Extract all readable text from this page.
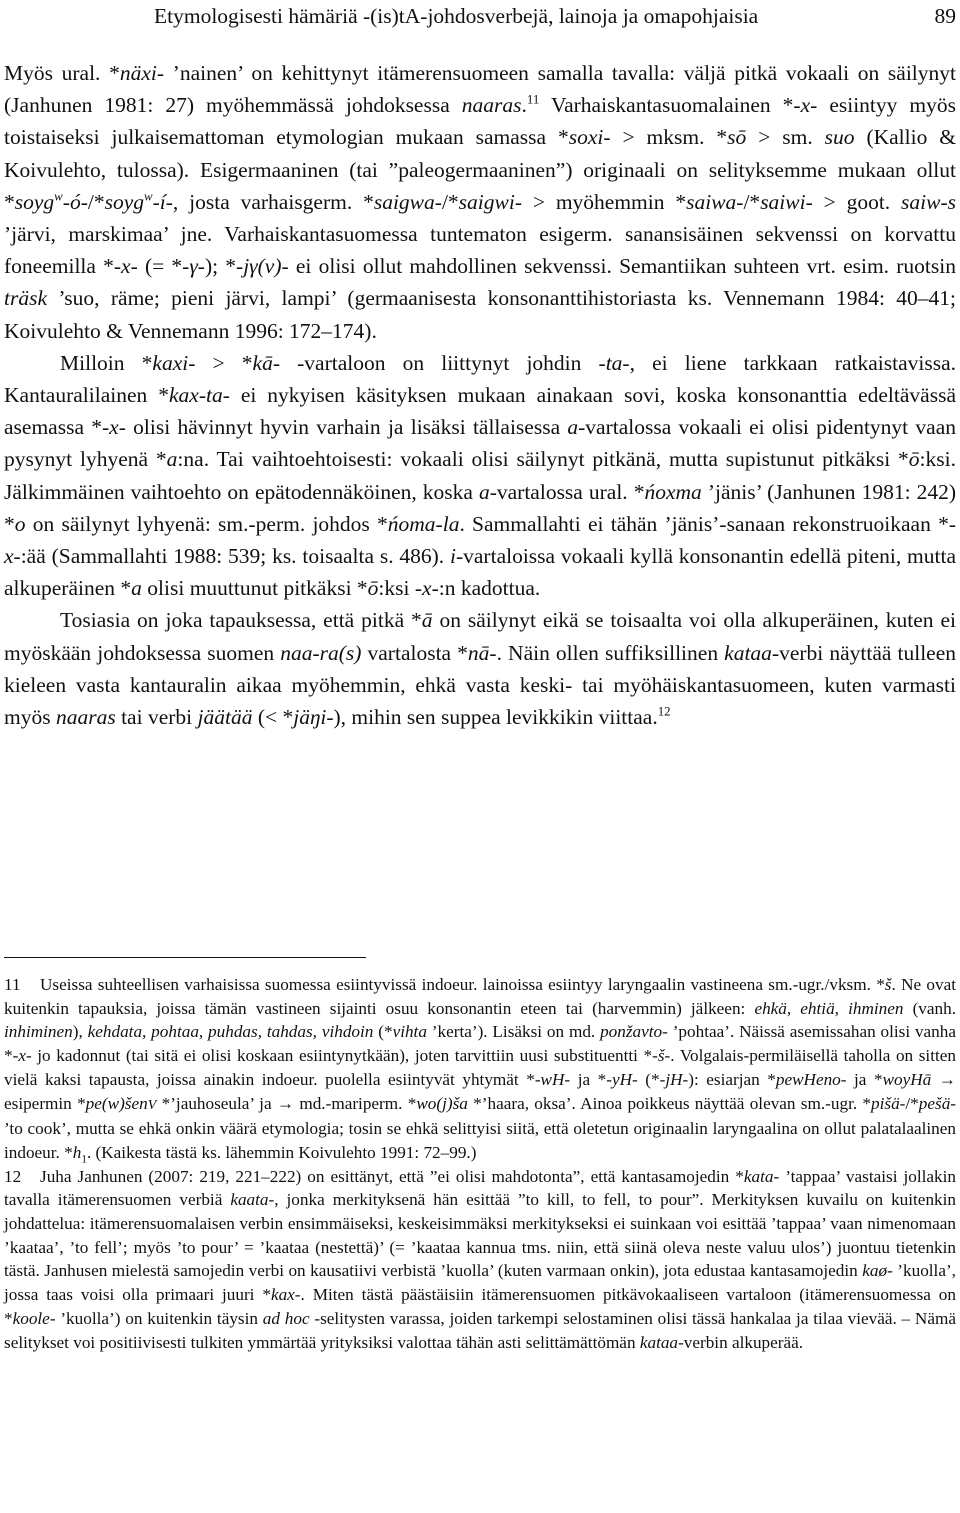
Etymologisesti hämäriä -(is)tA-johdosverbejä, lainoja ja omapohjaisia	89

Myös ural. *näxi- ’nainen’ on kehittynyt itämerensuomeen samalla tavalla: väljä pitkä vokaali on säilynyt (Janhunen 1981: 27) myöhemmässä johdoksessa naaras.$^{11}$ Varhaiskantasuomalainen *-x- esiintyy myös toistaiseksi julkaisemattoman etymologian mukaan samassa *soxi- > mksm. *sō > sm. suo (Kallio & Koivulehto, tulossa). Esigermaaninen (tai ”paleogermaaninen”) originaali on selityksemme mukaan ollut *soyg$^w$-ó-/*soyg$^w$-í-, josta varhaisgerm. *saigwa-/*saigwi- > myöhemmin *saiwa-/*saiwi- > goot. saiw-s ’järvi, marskimaa’ jne. Varhaiskantasuomessa tuntematon esigerm. sanansisäinen sekvenssi on korvattu foneemilla *-x- (= *-γ-); *-jγ(v)- ei olisi ollut mahdollinen sekvenssi. Semantiikan suhteen vrt. esim. ruotsin träsk ’suo, räme; pieni järvi, lampi’ (germaanisesta konsonanttihistoriasta ks. Vennemann 1984: 40–41; Koivulehto & Vennemann 1996: 172–174).

Milloin *kaxi- > *kā- -vartaloon on liittynyt johdin -ta-, ei liene tarkkaan ratkaistavissa. Kantauralilainen *kax-ta- ei nykyisen käsityksen mukaan ainakaan sovi, koska konsonanttia edeltävässä asemassa *-x- olisi hävinnyt hyvin varhain ja lisäksi tällaisessa a-vartalossa vokaali ei olisi pidentynyt vaan pysynyt lyhyenä *a:na. Tai vaihtoehtoisesti: vokaali olisi säilynyt pitkänä, mutta supistunut pitkäksi *ō:ksi. Jälkimmäinen vaihtoehto on epätodennäköinen, koska a-vartalossa ural. *ńoxma ’jänis’ (Janhunen 1981: 242) *o on säilynyt lyhyenä: sm.-perm. johdos *ńoma-la. Sammallahti ei tähän ’jänis’-sanaan rekonstruoikaan *-x-:ää (Sammallahti 1988: 539; ks. toisaalta s. 486). i-vartaloissa vokaali kyllä konsonantin edellä piteni, mutta alkuperäinen *a olisi muuttunut pitkäksi *ō:ksi -x-:n kadottua.

Tosiasia on joka tapauksessa, että pitkä *ā on säilynyt eikä se toisaalta voi olla alkuperäinen, kuten ei myöskään johdoksessa suomen naa-ra(s) vartalosta *nā-. Näin ollen suffiksillinen kataa-verbi näyttää tulleen kieleen vasta kantauralin aikaa myöhemmin, ehkä vasta keski- tai myöhäiskantasuomeen, kuten varmasti myös naaras tai verbi jäätää (< *jäŋi-), mihin sen suppea levikkikin viittaa.$^{12}$

11 Useissa suhteellisen varhaisissa suomessa esiintyvissä indoeur. lainoissa esiintyy laryngaalin vastineena sm.-ugr./vksm. *š. Ne ovat kuitenkin tapauksia, joissa tämän vastineen sijainti osuu konsonantin eteen tai (harvemmin) jälkeen: ehkä, ehtiä, ihminen (vanh. inhiminen), kehdata, pohtaa, puhdas, tahdas, vihdoin (*vihta ’kerta’). Lisäksi on md. ponžavto- ’pohtaa’. Näissä asemissahan olisi vanha *-x- jo kadonnut (tai sitä ei olisi koskaan esiintynytkään), joten tarvittiin uusi substituentti *-š-. Volgalais-permiläisellä taholla on sitten vielä kaksi tapausta, joissa ainakin indoeur. puolella esiintyvät yhtymät *-wH- ja *-yH- (*-jH-): esiarjan *pewHeno- ja *woyHā → esipermin *pe(w)šenV *’jauhoseula’ ja → md.-mariperm. *wo(j)ša *’haara, oksa’. Ainoa poikkeus näyttää olevan sm.-ugr. *pišä-/*pešä- ’to cook’, mutta se ehkä onkin väärä etymologia; tosin se ehkä selittyisi siitä, että oletetun originaalin laryngaalina on ollut palatalaalinen indoeur. $*h_1$. (Kaikesta tästä ks. lähemmin Koivulehto 1991: 72–99.)

12 Juha Janhunen (2007: 219, 221–222) on esittänyt, että ”ei olisi mahdotonta”, että kantasamojedin *kata- ’tappaa’ vastaisi jollakin tavalla itämerensuomen verbiä kaata-, jonka merkityksenä hän esittää ”to kill, to fell, to pour”. Merkityksen kuvailu on kuitenkin johdattelua: itämerensuomalaisen verbin ensimmäiseksi, keskeisimmäksi merkitykseksi ei suinkaan voi esittää ’tappaa’ vaan nimenomaan ’kaataa’, ’to fell’; myös ’to pour’ = ’kaataa (nestettä)’ (= ’kaataa kannua tms. niin, että siinä oleva neste valuu ulos’) juontuu tietenkin tästä. Janhusen mielestä samojedin verbi on kausatiivi verbistä ’kuolla’ (kuten varmaan onkin), jota edustaa kantasamojedin kaø- ’kuolla’, jossa taas voisi olla primaari juuri *kax-. Miten tästä päästäisiin itämerensuomen pitkävokaaliseen vartaloon (itämerensuomessa on *koole- ’kuolla’) on kuitenkin täysin ad hoc -selitysten varassa, joiden tarkempi selostaminen olisi tässä hankalaa ja tilaa vievää. – Nämä selitykset voi positiivisesti tulkiten ymmärtää yrityksiksi valottaa tähän asti selittämättömän kataa-verbin alkuperää.
